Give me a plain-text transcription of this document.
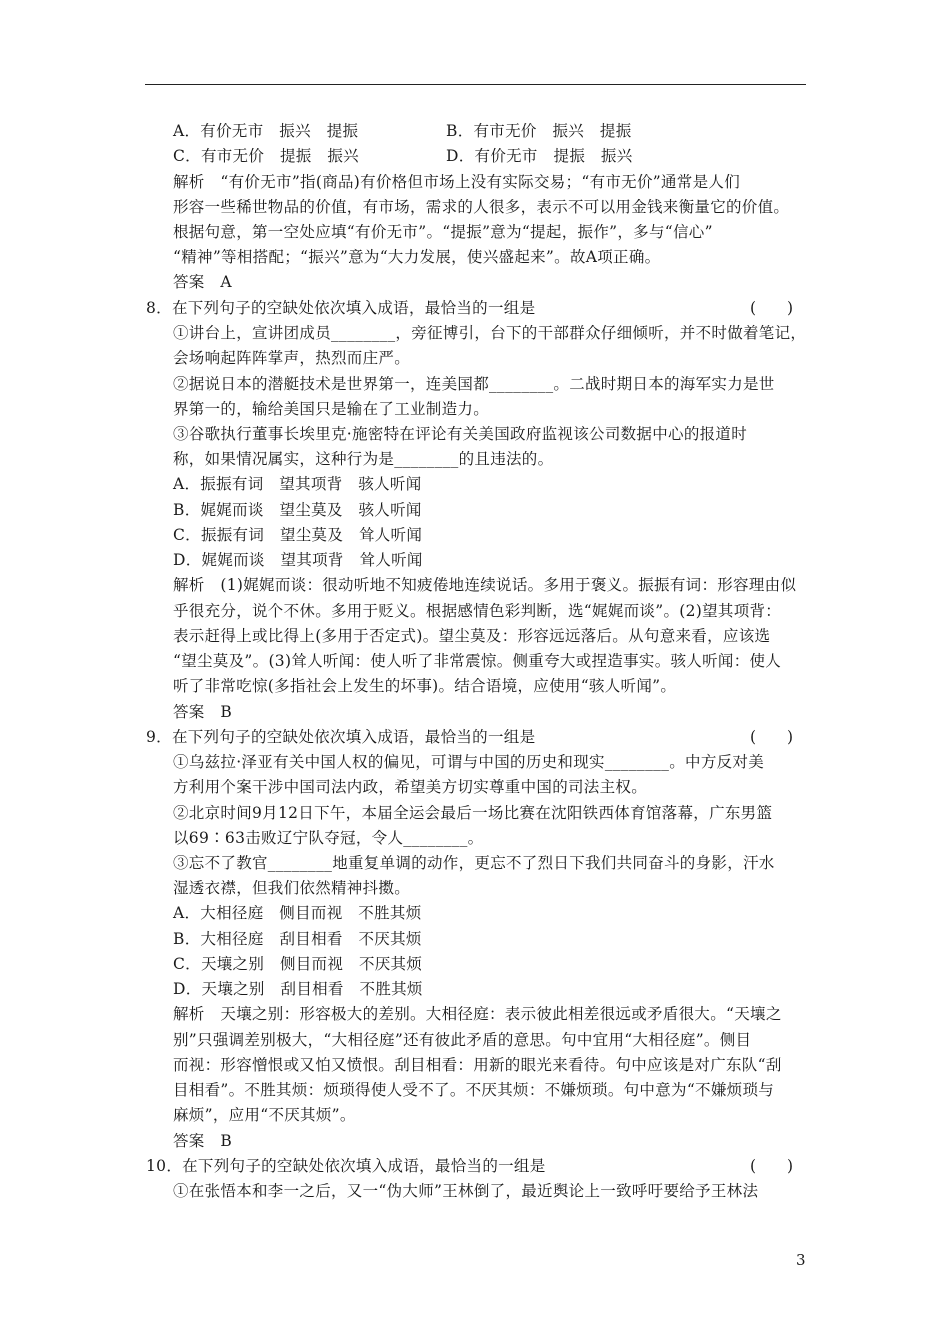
A．有价无市　振兴　提振	B．有市无价　振兴　提振
C．有市无价　提振　振兴	D．有价无市　提振　振兴
解析　“有价无市”指(商品)有价格但市场上没有实际交易；“有市无价”通常是人们
形容一些稀世物品的价值，有市场，需求的人很多，表示不可以用金钱来衡量它的价值。
根据句意，第一空处应填“有价无市”。“提振”意为“提起，振作”，多与“信心”
“精神”等相搭配；“振兴”意为“大力发展，使兴盛起来”。故A项正确。
答案　A
8．在下列句子的空缺处依次填入成语，最恰当的一组是	(　　)
①讲台上，宣讲团成员________，旁征博引，台下的干部群众仔细倾听，并不时做着笔记，
会场响起阵阵掌声，热烈而庄严。
②据说日本的潜艇技术是世界第一，连美国都________。二战时期日本的海军实力是世
界第一的，输给美国只是输在了工业制造力。
③谷歌执行董事长埃里克·施密特在评论有关美国政府监视该公司数据中心的报道时
称，如果情况属实，这种行为是________的且违法的。
A．振振有词　望其项背　骇人听闻
B．娓娓而谈　望尘莫及　骇人听闻
C．振振有词　望尘莫及　耸人听闻
D．娓娓而谈　望其项背　耸人听闻
解析　(1)娓娓而谈：很动听地不知疲倦地连续说话。多用于褒义。振振有词：形容理由似
乎很充分，说个不休。多用于贬义。根据感情色彩判断，选“娓娓而谈”。(2)望其项背：
表示赶得上或比得上(多用于否定式)。望尘莫及：形容远远落后。从句意来看，应该选
“望尘莫及”。(3)耸人听闻：使人听了非常震惊。侧重夸大或捏造事实。骇人听闻：使人
听了非常吃惊(多指社会上发生的坏事)。结合语境，应使用“骇人听闻”。
答案　B
9．在下列句子的空缺处依次填入成语，最恰当的一组是	(　　)
①乌兹拉·泽亚有关中国人权的偏见，可谓与中国的历史和现实________。中方反对美
方利用个案干涉中国司法内政，希望美方切实尊重中国的司法主权。
②北京时间9月12日下午，本届全运会最后一场比赛在沈阳铁西体育馆落幕，广东男篮
以69∶63击败辽宁队夺冠，令人________。
③忘不了教官________地重复单调的动作，更忘不了烈日下我们共同奋斗的身影，汗水
湿透衣襟，但我们依然精神抖擞。
A．大相径庭　侧目而视　不胜其烦
B．大相径庭　刮目相看　不厌其烦
C．天壤之别　侧目而视　不厌其烦
D．天壤之别　刮目相看　不胜其烦
解析　天壤之别：形容极大的差别。大相径庭：表示彼此相差很远或矛盾很大。“天壤之
别”只强调差别极大，“大相径庭”还有彼此矛盾的意思。句中宜用“大相径庭”。侧目
而视：形容憎恨或又怕又愤恨。刮目相看：用新的眼光来看待。句中应该是对广东队“刮
目相看”。不胜其烦：烦琐得使人受不了。不厌其烦：不嫌烦琐。句中意为“不嫌烦琐与
麻烦”，应用“不厌其烦”。
答案　B
10．在下列句子的空缺处依次填入成语，最恰当的一组是	(　　)
①在张悟本和李一之后，又一“伪大师”王林倒了，最近舆论上一致呼吁要给予王林法
3
